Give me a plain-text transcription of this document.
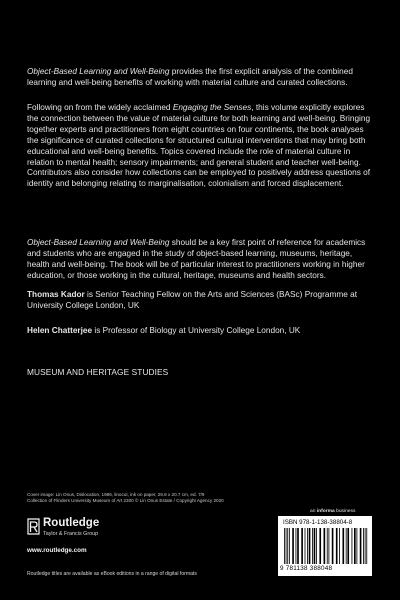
Object-Based Learning and Well-Being provides the first explicit analysis of the combined learning and well-being benefits of working with material culture and curated collections.

Following on from the widely acclaimed Engaging the Senses, this volume explicitly explores the connection between the value of material culture for both learning and well-being. Bringing together experts and practitioners from eight countries on four continents, the book analyses the significance of curated collections for structured cultural interventions that may bring both educational and well-being benefits. Topics covered include the role of material culture in relation to mental health; sensory impairments; and general student and teacher well-being. Contributors also consider how collections can be employed to positively address questions of identity and belonging relating to marginalisation, colonialism and forced displacement.

Object-Based Learning and Well-Being should be a key first point of reference for academics and students who are engaged in the study of object-based learning, museums, heritage, health and well-being. The book will be of particular interest to practitioners working in higher education, or those working in the cultural, heritage, museums and health sectors.

Thomas Kador is Senior Teaching Fellow on the Arts and Sciences (BASc) Programme at University College London, UK

Helen Chatterjee is Professor of Biology at University College London, UK

MUSEUM AND HERITAGE STUDIES
Cover image: Lin Onus, Dislocation, 1986, linocut, ink on paper, 29.6 x 20.7 cm, ed. 7/9
Collection of Flinders University Museum of Art 2300 © Lin Onus Estate / Copyright Agency 2020
an informa business
Routledge
Taylor & Francis Group
www.routledge.com
ISBN 978-1-138-38804-8
9 781138 388048
Routledge titles are available as eBook editions in a range of digital formats
